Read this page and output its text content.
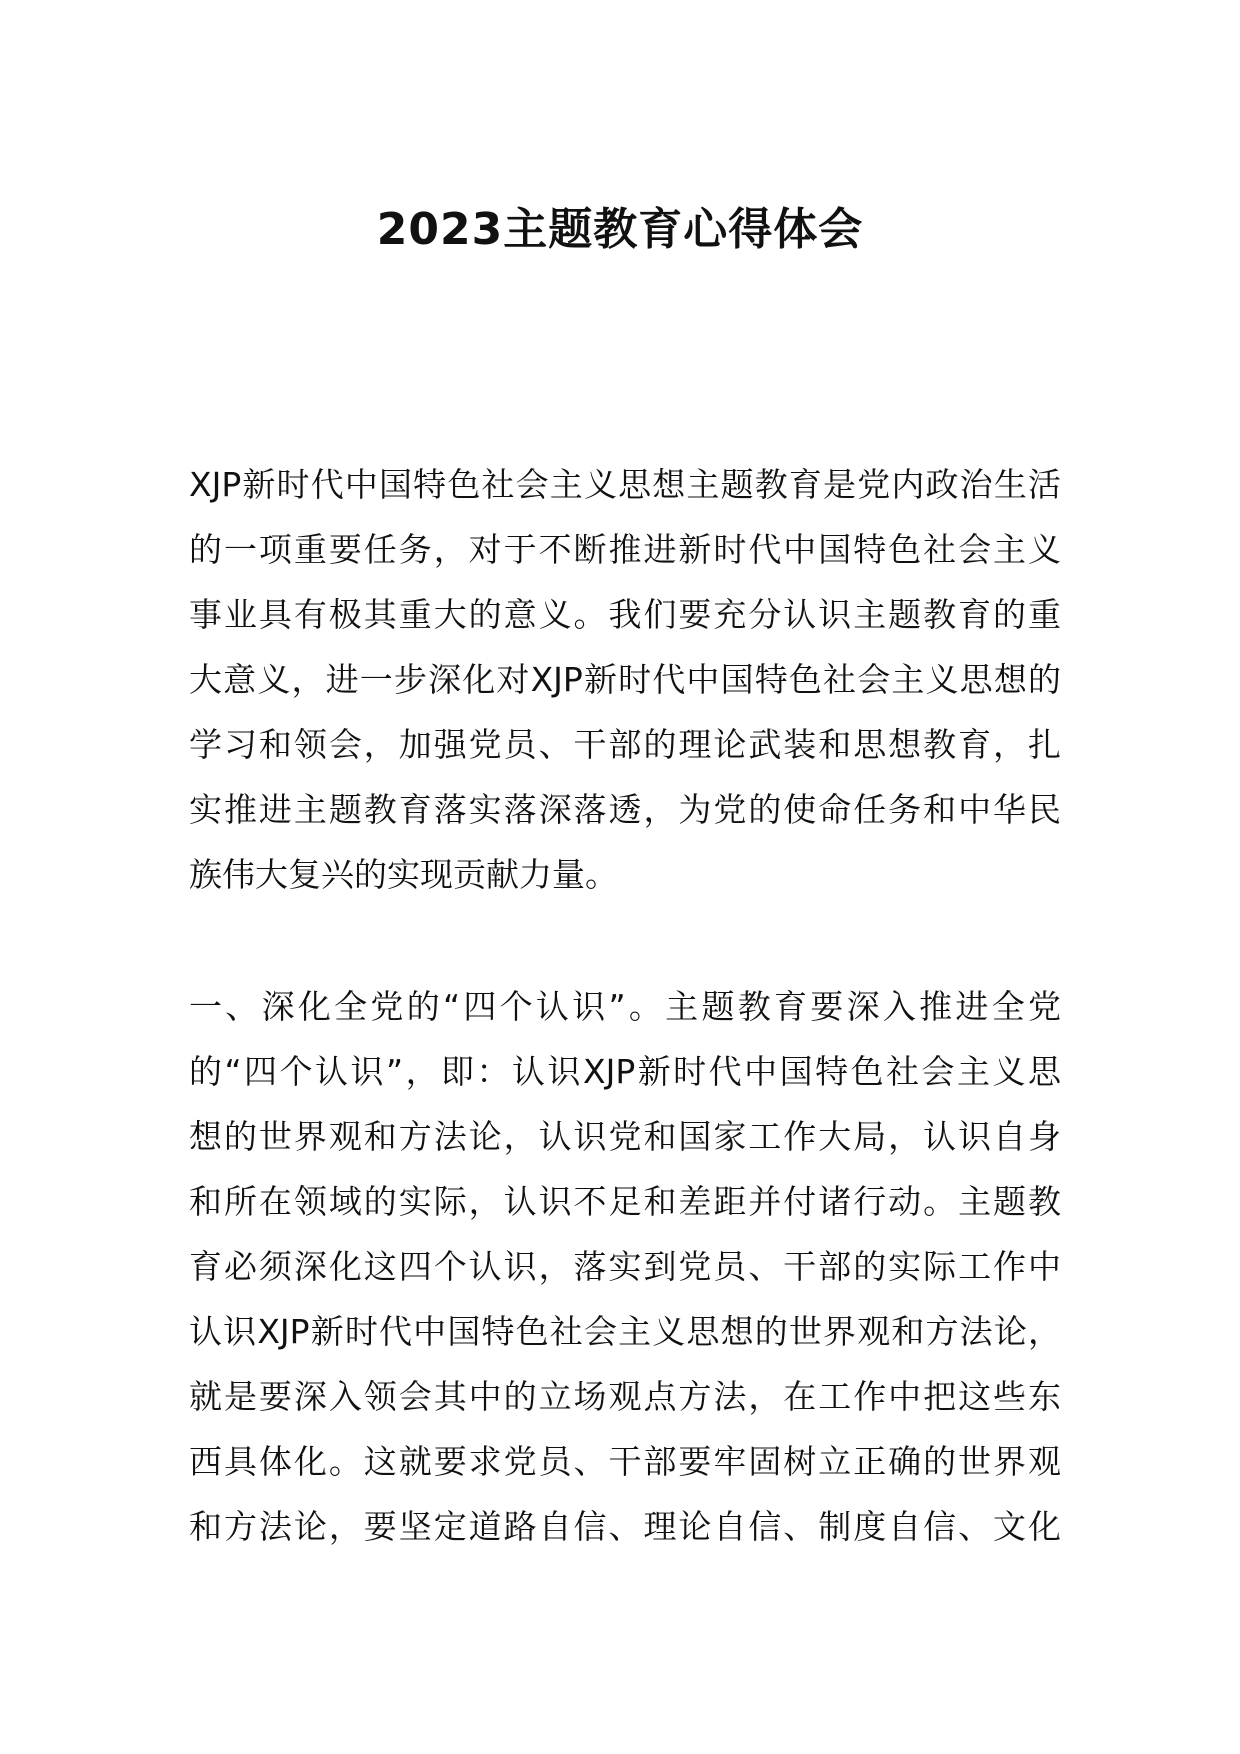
2023主题教育心得体会
XJP新时代中国特色社会主义思想主题教育是党内政治生活
的一项重要任务，对于不断推进新时代中国特色社会主义
事业具有极其重大的意义。我们要充分认识主题教育的重
大意义，进一步深化对XJP新时代中国特色社会主义思想的
学习和领会，加强党员、干部的理论武装和思想教育，扎
实推进主题教育落实落深落透，为党的使命任务和中华民
族伟大复兴的实现贡献力量。
一、深化全党的“四个认识”。主题教育要深入推进全党
的“四个认识”，即：认识XJP新时代中国特色社会主义思
想的世界观和方法论，认识党和国家工作大局，认识自身
和所在领域的实际，认识不足和差距并付诸行动。主题教
育必须深化这四个认识，落实到党员、干部的实际工作中
认识XJP新时代中国特色社会主义思想的世界观和方法论，
就是要深入领会其中的立场观点方法，在工作中把这些东
西具体化。这就要求党员、干部要牢固树立正确的世界观
和方法论，要坚定道路自信、理论自信、制度自信、文化
